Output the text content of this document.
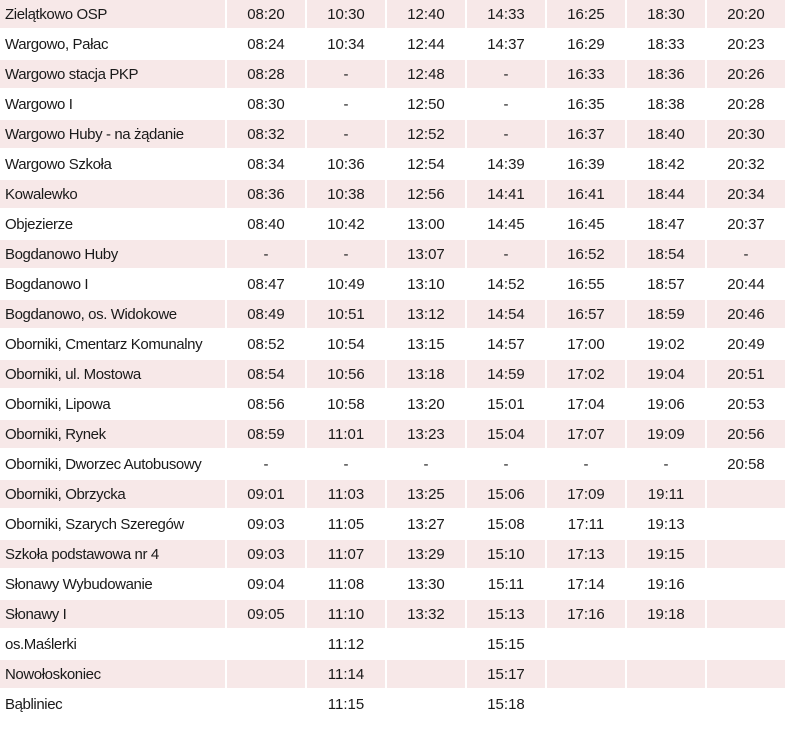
Zielątkowo OSP	08:20	10:30	12:40	14:33	16:25	18:30	20:20
Wargowo, Pałac	08:24	10:34	12:44	14:37	16:29	18:33	20:23
Wargowo stacja PKP	08:28	-	12:48	-	16:33	18:36	20:26
Wargowo I	08:30	-	12:50	-	16:35	18:38	20:28
Wargowo Huby - na żądanie	08:32	-	12:52	-	16:37	18:40	20:30
Wargowo Szkoła	08:34	10:36	12:54	14:39	16:39	18:42	20:32
Kowalewko	08:36	10:38	12:56	14:41	16:41	18:44	20:34
Objezierze	08:40	10:42	13:00	14:45	16:45	18:47	20:37
Bogdanowo Huby	-	-	13:07	-	16:52	18:54	-
Bogdanowo I	08:47	10:49	13:10	14:52	16:55	18:57	20:44
Bogdanowo, os. Widokowe	08:49	10:51	13:12	14:54	16:57	18:59	20:46
Oborniki, Cmentarz Komunalny	08:52	10:54	13:15	14:57	17:00	19:02	20:49
Oborniki, ul. Mostowa	08:54	10:56	13:18	14:59	17:02	19:04	20:51
Oborniki, Lipowa	08:56	10:58	13:20	15:01	17:04	19:06	20:53
Oborniki, Rynek	08:59	11:01	13:23	15:04	17:07	19:09	20:56
Oborniki, Dworzec Autobusowy	-	-	-	-	-	-	20:58
Oborniki, Obrzycka	09:01	11:03	13:25	15:06	17:09	19:11	
Oborniki, Szarych Szeregów	09:03	11:05	13:27	15:08	17:11	19:13	
Szkoła podstawowa nr 4	09:03	11:07	13:29	15:10	17:13	19:15	
Słonawy Wybudowanie	09:04	11:08	13:30	15:11	17:14	19:16	
Słonawy I	09:05	11:10	13:32	15:13	17:16	19:18	
os.Maślerki		11:12		15:15			
Nowołoskoniec		11:14		15:17			
Bąbliniec		11:15		15:18			
